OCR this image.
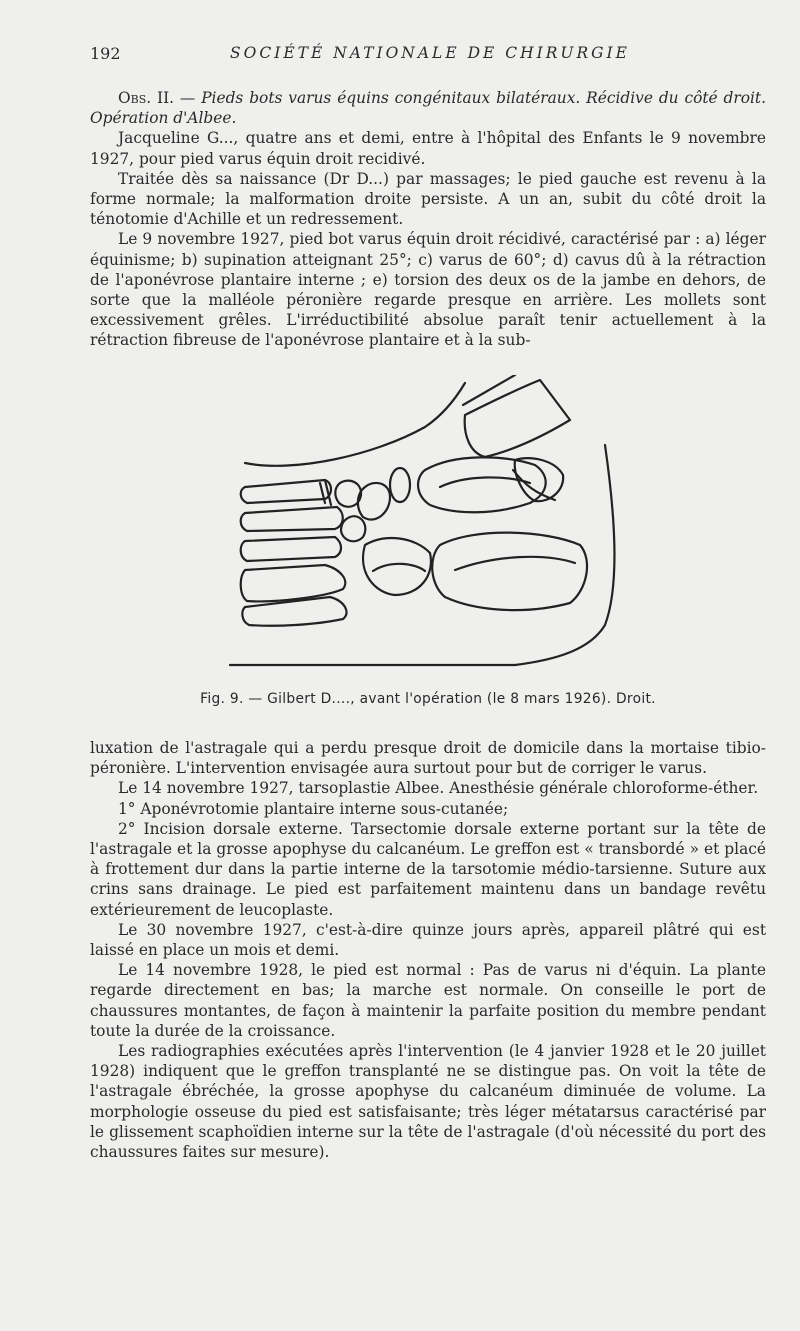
192	SOCIÉTÉ NATIONALE DE CHIRURGIE

Obs. II. — Pieds bots varus équins congénitaux bilatéraux. Récidive du côté droit. Opération d'Albee.

Jacqueline G..., quatre ans et demi, entre à l'hôpital des Enfants le 9 novembre 1927, pour pied varus équin droit recidivé.

Traitée dès sa naissance (Dr D...) par massages; le pied gauche est revenu à la forme normale; la malformation droite persiste. A un an, subit du côté droit la ténotomie d'Achille et un redressement.

Le 9 novembre 1927, pied bot varus équin droit récidivé, caractérisé par : a) léger équinisme; b) supination atteignant 25°; c) varus de 60°; d) cavus dû à la rétraction de l'aponévrose plantaire interne ; e) torsion des deux os de la jambe en dehors, de sorte que la malléole péronière regarde presque en arrière. Les mollets sont excessivement grêles. L'irréductibilité absolue paraît tenir actuellement à la rétraction fibreuse de l'aponévrose plantaire et à la sub-

Fig. 9. — Gilbert D...., avant l'opération (le 8 mars 1926). Droit.

luxation de l'astragale qui a perdu presque droit de domicile dans la mortaise tibio-péronière. L'intervention envisagée aura surtout pour but de corriger le varus.

Le 14 novembre 1927, tarsoplastie Albee. Anesthésie générale chloroforme-éther.

1° Aponévrotomie plantaire interne sous-cutanée;

2° Incision dorsale externe. Tarsectomie dorsale externe portant sur la tête de l'astragale et la grosse apophyse du calcanéum. Le greffon est « transbordé » et placé à frottement dur dans la partie interne de la tarsotomie médio-tarsienne. Suture aux crins sans drainage. Le pied est parfaitement maintenu dans un bandage revêtu extérieurement de leucoplaste.

Le 30 novembre 1927, c'est-à-dire quinze jours après, appareil plâtré qui est laissé en place un mois et demi.

Le 14 novembre 1928, le pied est normal : Pas de varus ni d'équin. La plante regarde directement en bas; la marche est normale. On conseille le port de chaussures montantes, de façon à maintenir la parfaite position du membre pendant toute la durée de la croissance.

Les radiographies exécutées après l'intervention (le 4 janvier 1928 et le 20 juillet 1928) indiquent que le greffon transplanté ne se distingue pas. On voit la tête de l'astragale ébréchée, la grosse apophyse du calcanéum diminuée de volume. La morphologie osseuse du pied est satisfaisante; très léger métatarsus caractérisé par le glissement scaphoïdien interne sur la tête de l'astragale (d'où nécessité du port des chaussures faites sur mesure).
